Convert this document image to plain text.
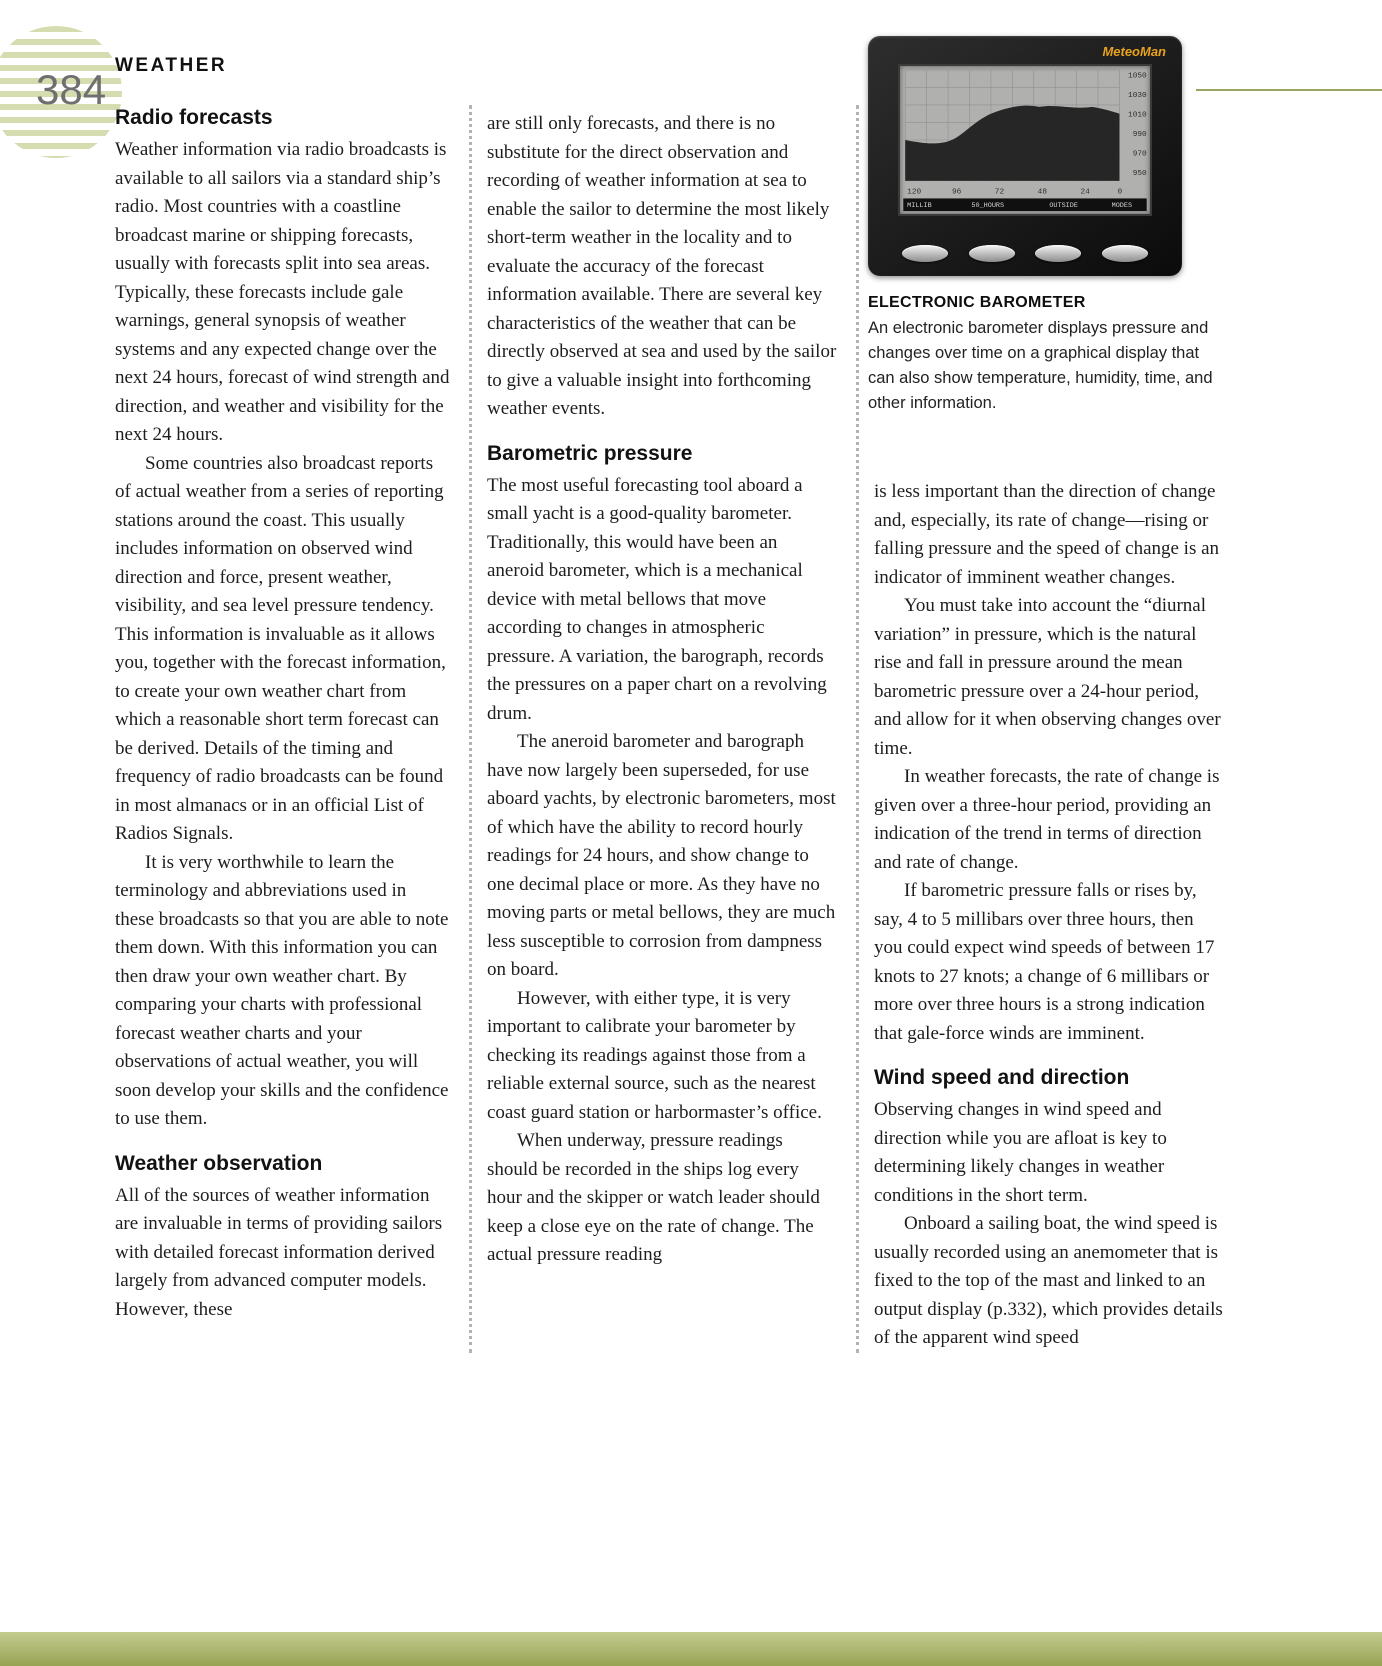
384
WEATHER
MeteoMan
1050
1030
1010
990
970
950
120	96	72	48	24	0
MILLIB	50_HOURS	OUTSIDE	MODES
ELECTRONIC BAROMETER
An electronic barometer displays pressure and changes over time on a graphical display that can also show temperature, humidity, time, and other information.
Radio forecasts

Weather information via radio broadcasts is available to all sailors via a standard ship’s radio. Most countries with a coastline broadcast marine or shipping forecasts, usually with forecasts split into sea areas. Typically, these forecasts include gale warnings, general synopsis of weather systems and any expected change over the next 24 hours, forecast of wind strength and direction, and weather and visibility for the next 24 hours.

Some countries also broadcast reports of actual weather from a series of reporting stations around the coast. This usually includes information on observed wind direction and force, present weather, visibility, and sea level pressure tendency. This information is invaluable as it allows you, together with the forecast information, to create your own weather chart from which a reasonable short term forecast can be derived. Details of the timing and frequency of radio broadcasts can be found in most almanacs or in an official List of Radios Signals.

It is very worthwhile to learn the terminology and abbreviations used in these broadcasts so that you are able to note them down. With this information you can then draw your own weather chart. By comparing your charts with professional forecast weather charts and your observations of actual weather, you will soon develop your skills and the confidence to use them.

Weather observation

All of the sources of weather information are invaluable in terms of providing sailors with detailed forecast information derived largely from advanced computer models. However, these

are still only forecasts, and there is no substitute for the direct observation and recording of weather information at sea to enable the sailor to determine the most likely short-term weather in the locality and to evaluate the accuracy of the forecast information available. There are several key characteristics of the weather that can be directly observed at sea and used by the sailor to give a valuable insight into forthcoming weather events.

Barometric pressure

The most useful forecasting tool aboard a small yacht is a good-quality barometer. Traditionally, this would have been an aneroid barometer, which is a mechanical device with metal bellows that move according to changes in atmospheric pressure. A variation, the barograph, records the pressures on a paper chart on a revolving drum.

The aneroid barometer and barograph have now largely been superseded, for use aboard yachts, by electronic barometers, most of which have the ability to record hourly readings for 24 hours, and show change to one decimal place or more. As they have no moving parts or metal bellows, they are much less susceptible to corrosion from dampness on board.

However, with either type, it is very important to calibrate your barometer by checking its readings against those from a reliable external source, such as the nearest coast guard station or harbormaster’s office.

When underway, pressure readings should be recorded in the ships log every hour and the skipper or watch leader should keep a close eye on the rate of change. The actual pressure reading

is less important than the direction of change and, especially, its rate of change—rising or falling pressure and the speed of change is an indicator of imminent weather changes.

You must take into account the “diurnal variation” in pressure, which is the natural rise and fall in pressure around the mean barometric pressure over a 24-hour period, and allow for it when observing changes over time.

In weather forecasts, the rate of change is given over a three-hour period, providing an indication of the trend in terms of direction and rate of change.

If barometric pressure falls or rises by, say, 4 to 5 millibars over three hours, then you could expect wind speeds of between 17 knots to 27 knots; a change of 6 millibars or more over three hours is a strong indication that gale-force winds are imminent.

Wind speed and direction

Observing changes in wind speed and direction while you are afloat is key to determining likely changes in weather conditions in the short term.

Onboard a sailing boat, the wind speed is usually recorded using an anemometer that is fixed to the top of the mast and linked to an output display (p.332), which provides details of the apparent wind speed
